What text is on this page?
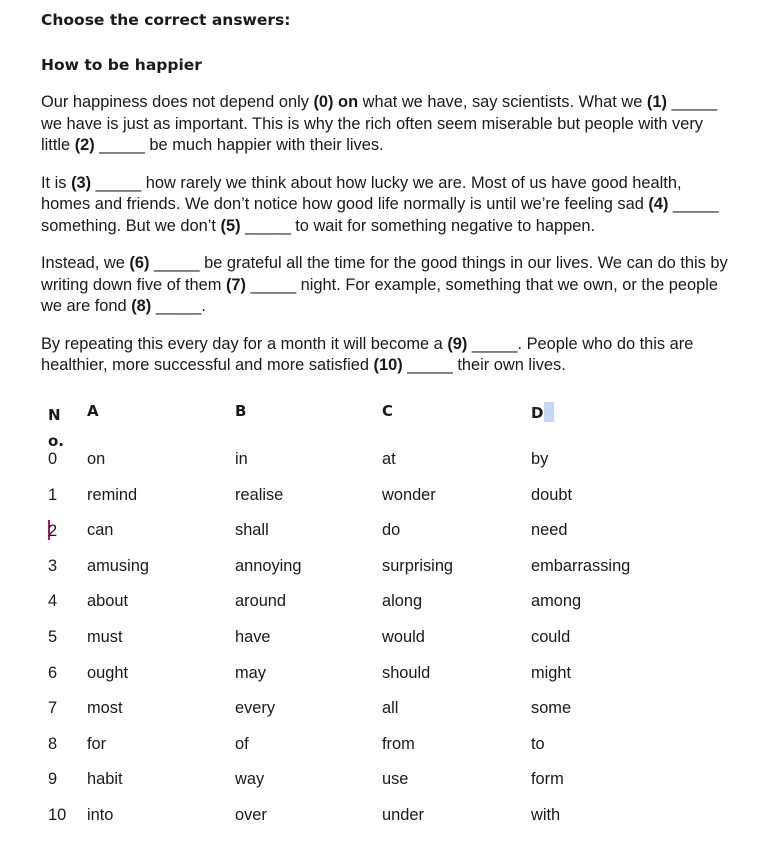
Choose the correct answers:

How to be happier

Our happiness does not depend only (0) on what we have, say scientists. What we (1) _____ we have is just as important. This is why the rich often seem miserable but people with very little (2) _____ be much happier with their lives.

It is (3) _____ how rarely we think about how lucky we are. Most of us have good health, homes and friends. We don’t notice how good life normally is until we’re feeling sad (4) _____ something. But we don’t (5) _____ to wait for something negative to happen.

Instead, we (6) _____ be grateful all the time for the good things in our lives. We can do this by writing down five of them (7) _____ night. For example, something that we own, or the people we are fond (8) _____.

By repeating this every day for a month it will become a (9) _____. People who do this are healthier, more successful and more satisfied (10) _____ their own lives.

No.
A	B	C	D
0 on	in	at	by
1 remind	realise	wonder	doubt
2 can	shall	do	need
3 amusing	annoying	surprising	embarrassing
4 about	around	along	among
5 must	have	would	could
6 ought	may	should	might
7 most	every	all	some
8 for	of	from	to
9 habit	way	use	form
10 into	over	under	with
